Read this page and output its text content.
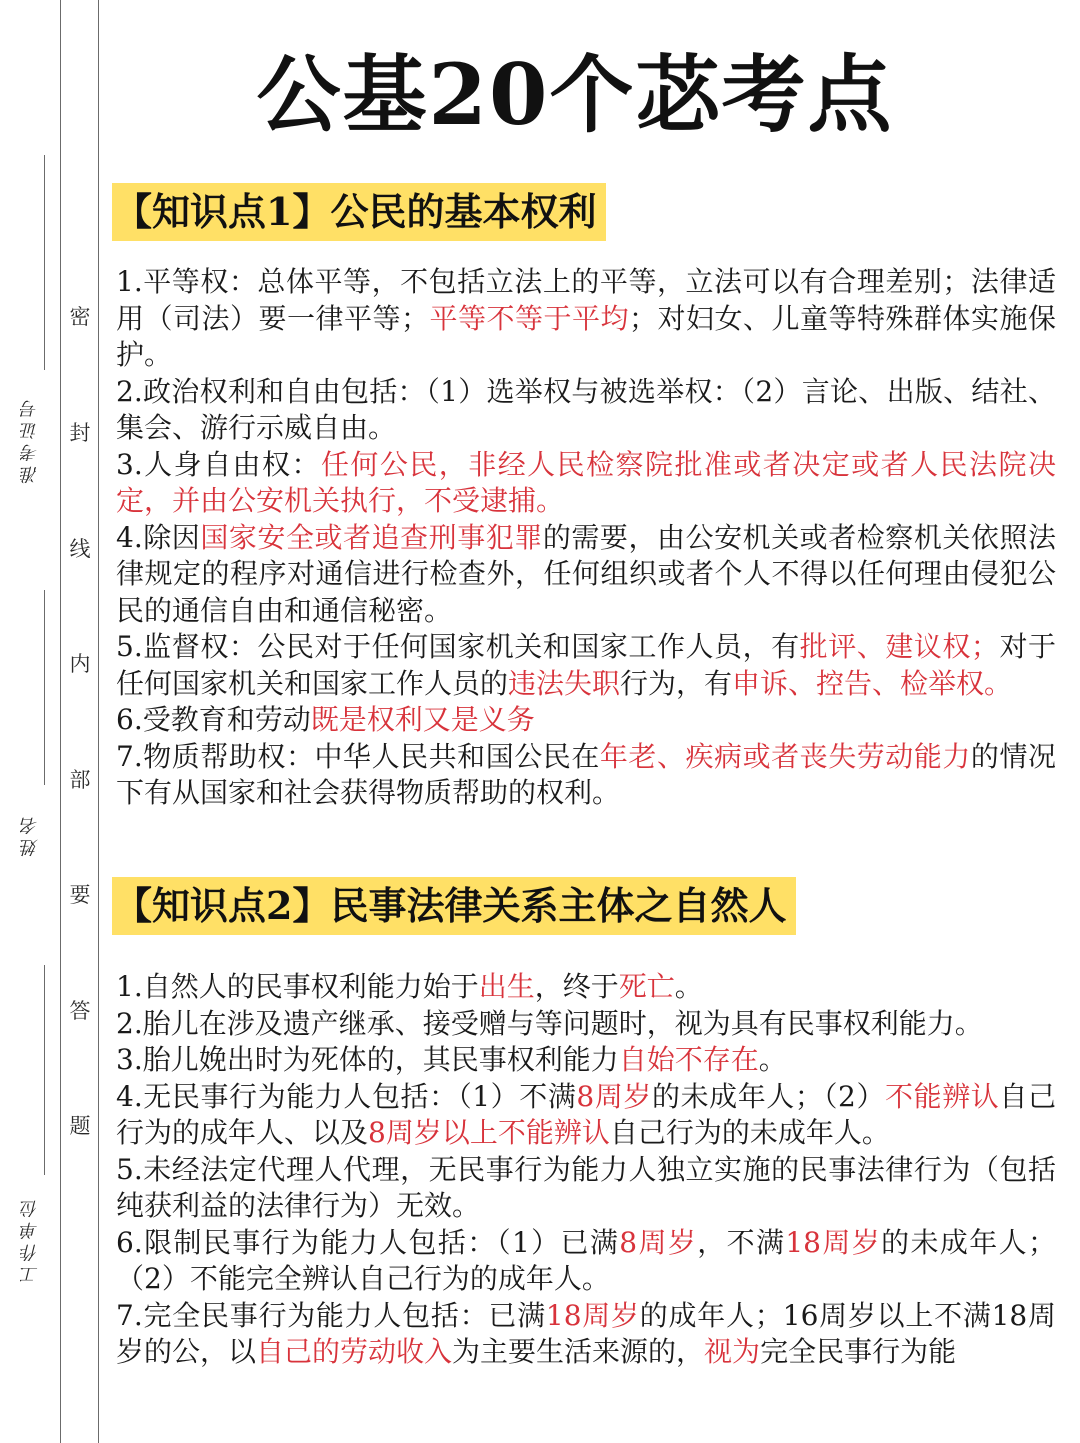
准考证号
姓名
工作单位
密
封
线
内
部
要
答
题
公基20个苾考点
【知识点1】公民的基本权利

1.平等权：总体平等，不包括立法上的平等，立法可以有合理差别；法律适用（司法）要一律平等；平等不等于平均；对妇女、儿童等特殊群体实施保护。

2.政治权利和自由包括：（1）选举权与被选举权：（2）言论、出版、结社、集会、游行示威自由。

3.人身自由权：任何公民，非经人民检察院批准或者决定或者人民法院决定，并由公安机关执行，不受逮捕。

4.除因国家安全或者追查刑事犯罪的需要，由公安机关或者检察机关依照法律规定的程序对通信进行检查外，任何组织或者个人不得以任何理由侵犯公民的通信自由和通信秘密。

5.监督权：公民对于任何国家机关和国家工作人员，有批评、建议权；对于任何国家机关和国家工作人员的违法失职行为，有申诉、控告、检举权。

6.受教育和劳动既是权利又是义务

7.物质帮助权：中华人民共和国公民在年老、疾病或者丧失劳动能力的情况下有从国家和社会获得物质帮助的权利。

【知识点2】民事法律关系主体之自然人

1.自然人的民事权利能力始于出生，终于死亡。

2.胎儿在涉及遗产继承、接受赠与等问题时，视为具有民事权利能力。

3.胎儿娩出时为死体的，其民事权利能力自始不存在。

4.无民事行为能力人包括：（1）不满8周岁的未成年人；（2）不能辨认自己行为的成年人、以及8周岁以上不能辨认自己行为的未成年人。

5.未经法定代理人代理，无民事行为能力人独立实施的民事法律行为（包括纯获利益的法律行为）无效。

6.限制民事行为能力人包括：（1）已满8周岁，不满18周岁的未成年人；（2）不能完全辨认自己行为的成年人。

7.完全民事行为能力人包括：已满18周岁的成年人；16周岁以上不满18周岁的公，以自己的劳动收入为主要生活来源的，视为完全民事行为能
